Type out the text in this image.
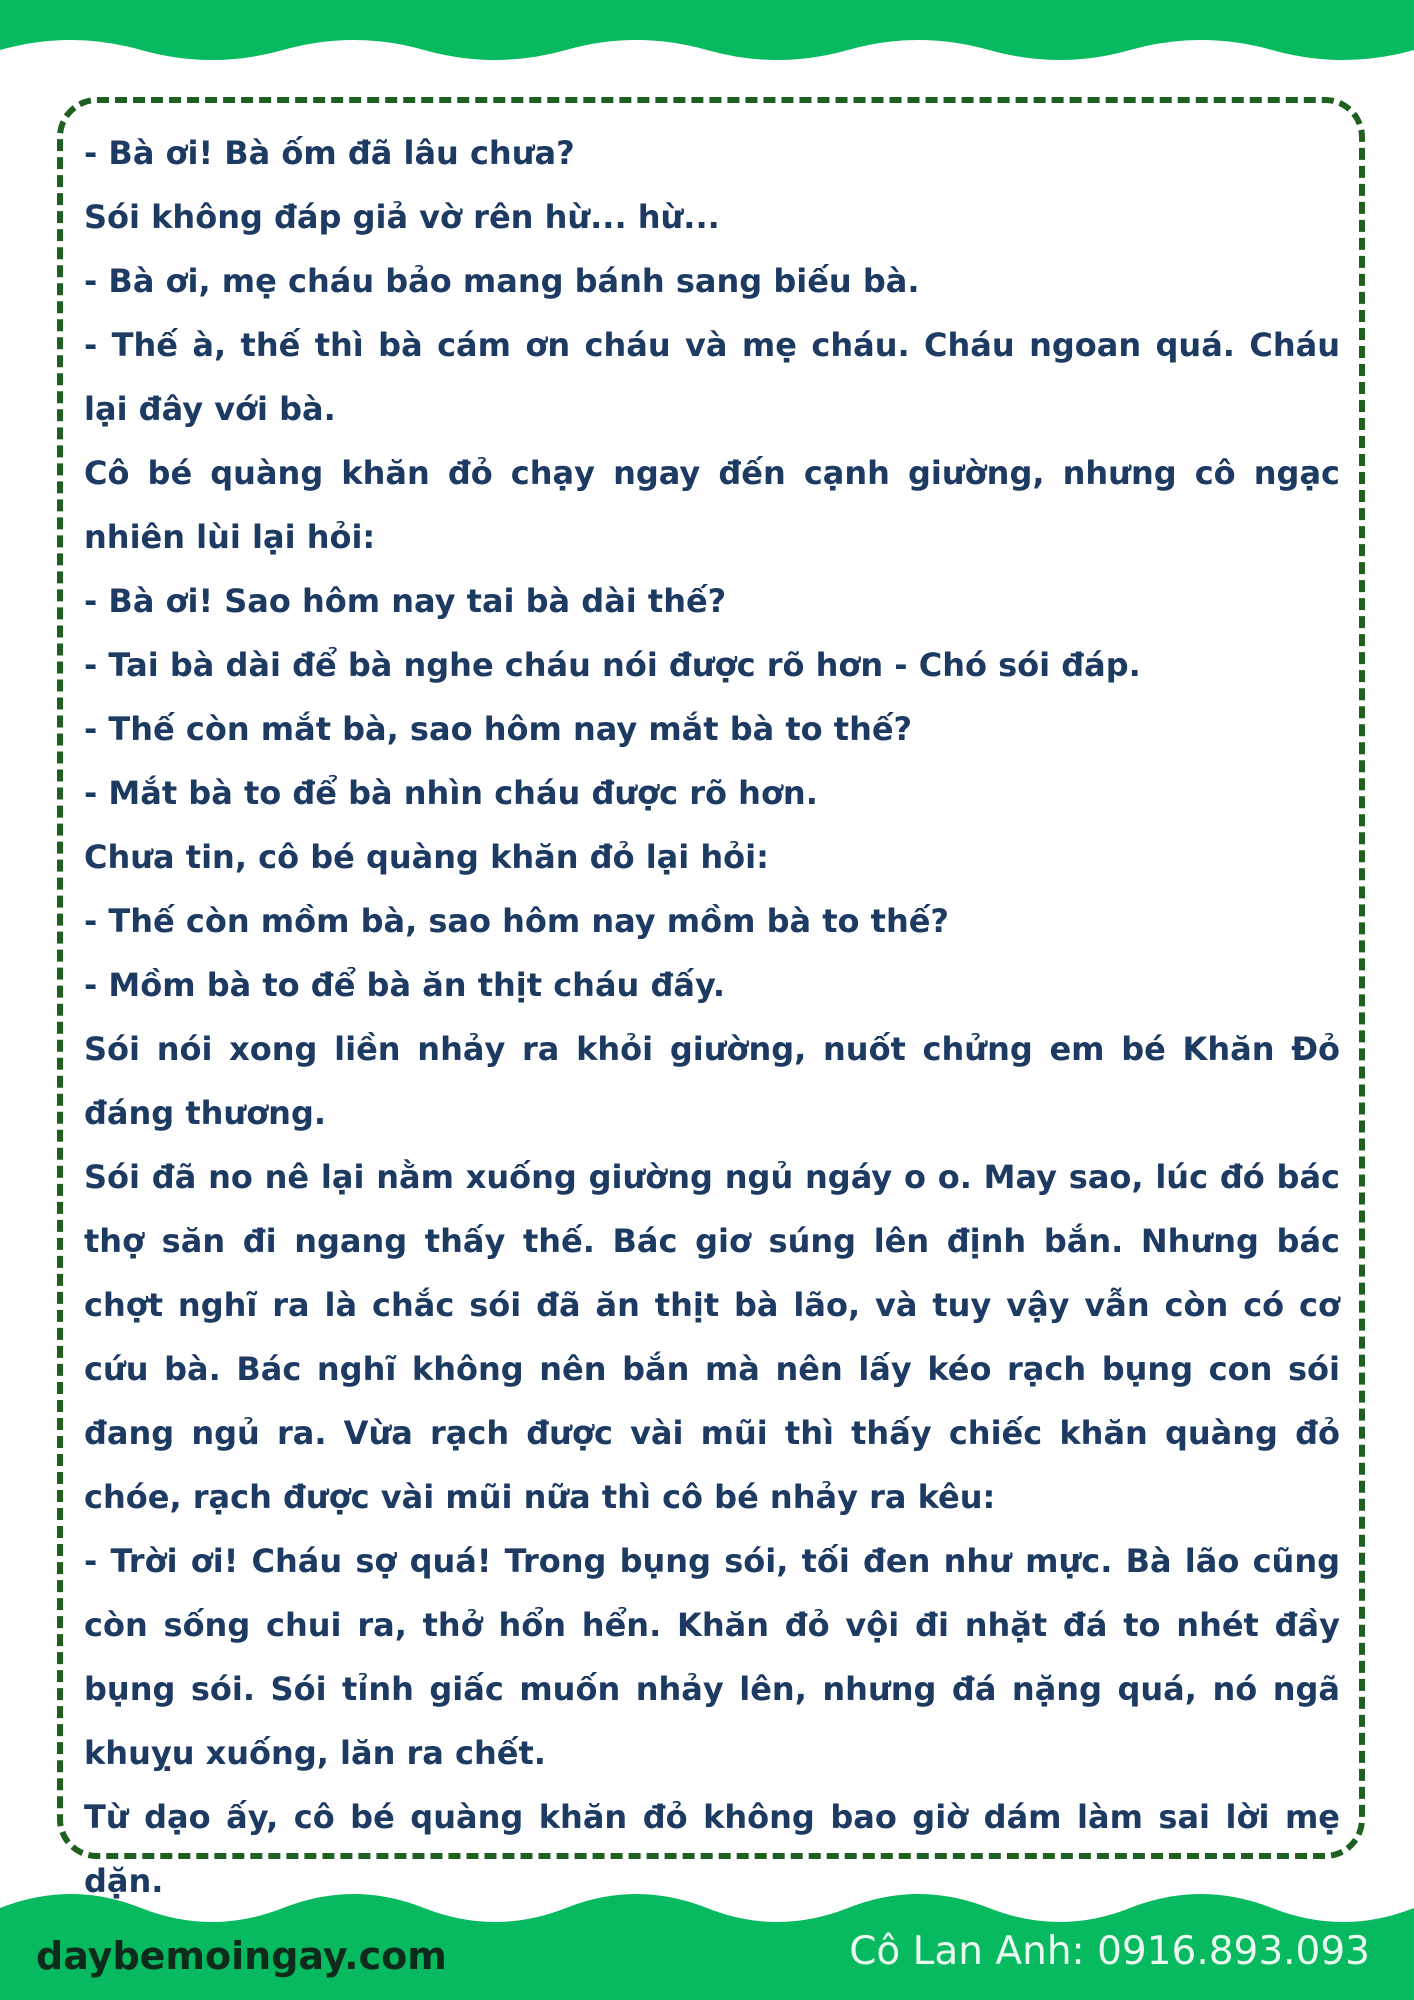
- Bà ơi! Bà ốm đã lâu chưa?

Sói không đáp giả vờ rên hừ... hừ...

- Bà ơi, mẹ cháu bảo mang bánh sang biếu bà.

- Thế à, thế thì bà cám ơn cháu và mẹ cháu. Cháu ngoan quá. Cháu lại đây với bà.

Cô bé quàng khăn đỏ chạy ngay đến cạnh giường, nhưng cô ngạc nhiên lùi lại hỏi:

- Bà ơi! Sao hôm nay tai bà dài thế?

- Tai bà dài để bà nghe cháu nói được rõ hơn - Chó sói đáp.

- Thế còn mắt bà, sao hôm nay mắt bà to thế?

- Mắt bà to để bà nhìn cháu được rõ hơn.

Chưa tin, cô bé quàng khăn đỏ lại hỏi:

- Thế còn mồm bà, sao hôm nay mồm bà to thế?

- Mồm bà to để bà ăn thịt cháu đấy.

Sói nói xong liền nhảy ra khỏi giường, nuốt chửng em bé Khăn Đỏ đáng thương.

Sói đã no nê lại nằm xuống giường ngủ ngáy o o. May sao, lúc đó bác thợ săn đi ngang thấy thế. Bác giơ súng lên định bắn. Nhưng bác chợt nghĩ ra là chắc sói đã ăn thịt bà lão, và tuy vậy vẫn còn có cơ cứu bà. Bác nghĩ không nên bắn mà nên lấy kéo rạch bụng con sói đang ngủ ra. Vừa rạch được vài mũi thì thấy chiếc khăn quàng đỏ chóe, rạch được vài mũi nữa thì cô bé nhảy ra kêu:

- Trời ơi! Cháu sợ quá! Trong bụng sói, tối đen như mực. Bà lão cũng còn sống chui ra, thở hổn hển. Khăn đỏ vội đi nhặt đá to nhét đầy bụng sói. Sói tỉnh giấc muốn nhảy lên, nhưng đá nặng quá, nó ngã khuỵu xuống, lăn ra chết.

Từ dạo ấy, cô bé quàng khăn đỏ không bao giờ dám làm sai lời mẹ dặn.

daybemoingay.com	Cô Lan Anh: 0916.893.093
